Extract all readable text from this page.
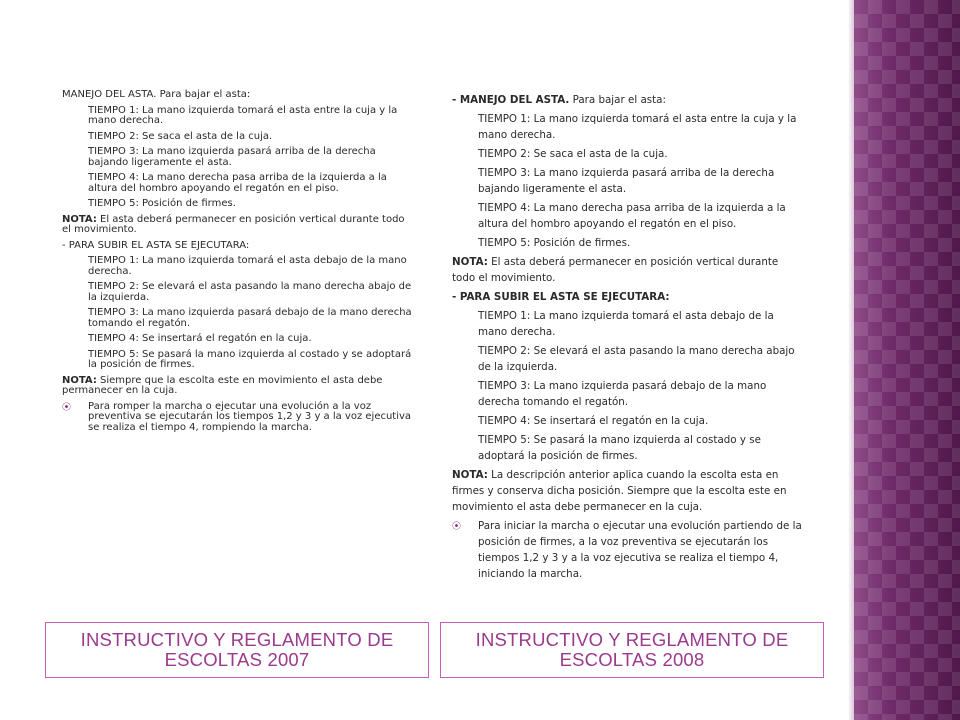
MANEJO DEL ASTA. Para bajar el asta:
TIEMPO 1: La mano izquierda tomará el asta entre la cuja y la mano derecha.
TIEMPO 2: Se saca el asta de la cuja.
TIEMPO 3: La mano izquierda pasará arriba de la derecha bajando ligeramente el asta.
TIEMPO 4: La mano derecha pasa arriba de la izquierda a la altura del hombro apoyando el regatón en el piso.
TIEMPO 5: Posición de firmes.
NOTA: El asta deberá permanecer en posición vertical durante todo el movimiento.
- PARA SUBIR EL ASTA SE EJECUTARA:
TIEMPO 1: La mano izquierda tomará el asta debajo de la mano derecha.
TIEMPO 2: Se elevará el asta pasando la mano derecha abajo de la izquierda.
TIEMPO 3: La mano izquierda pasará debajo de la mano derecha tomando el regatón.
TIEMPO 4: Se insertará el regatón en la cuja.
TIEMPO 5: Se pasará la mano izquierda al costado y se adoptará la posición de firmes.
NOTA: Siempre que la escolta este en movimiento el asta debe permanecer en la cuja.
⦿	Para romper la marcha o ejecutar una evolución a la voz preventiva se ejecutarán los tiempos 1,2 y 3 y a la voz ejecutiva se realiza el tiempo 4, rompiendo la marcha.
- MANEJO DEL ASTA. Para bajar el asta:
TIEMPO 1: La mano izquierda tomará el asta entre la cuja y la mano derecha.
TIEMPO 2: Se saca el asta de la cuja.
TIEMPO 3: La mano izquierda pasará arriba de la derecha bajando ligeramente el asta.
TIEMPO 4: La mano derecha pasa arriba de la izquierda a la altura del hombro apoyando el regatón en el piso.
TIEMPO 5: Posición de firmes.
NOTA: El asta deberá permanecer en posición vertical durante todo el movimiento.
- PARA SUBIR EL ASTA SE EJECUTARA:
TIEMPO 1: La mano izquierda tomará el asta debajo de la mano derecha.
TIEMPO 2: Se elevará el asta pasando la mano derecha abajo de la izquierda.
TIEMPO 3: La mano izquierda pasará debajo de la mano derecha tomando el regatón.
TIEMPO 4: Se insertará el regatón en la cuja.
TIEMPO 5: Se pasará la mano izquierda al costado y se adoptará la posición de firmes.
NOTA: La descripción anterior aplica cuando la escolta esta en firmes y conserva dicha posición. Siempre que la escolta este en movimiento el asta debe permanecer en la cuja.
⦿	Para iniciar la marcha o ejecutar una evolución partiendo de la posición de firmes, a la voz preventiva se ejecutarán los tiempos 1,2 y 3 y a la voz ejecutiva se realiza el tiempo 4, iniciando la marcha.
INSTRUCTIVO Y REGLAMENTO DE ESCOLTAS 2007
INSTRUCTIVO Y REGLAMENTO DE ESCOLTAS 2008
